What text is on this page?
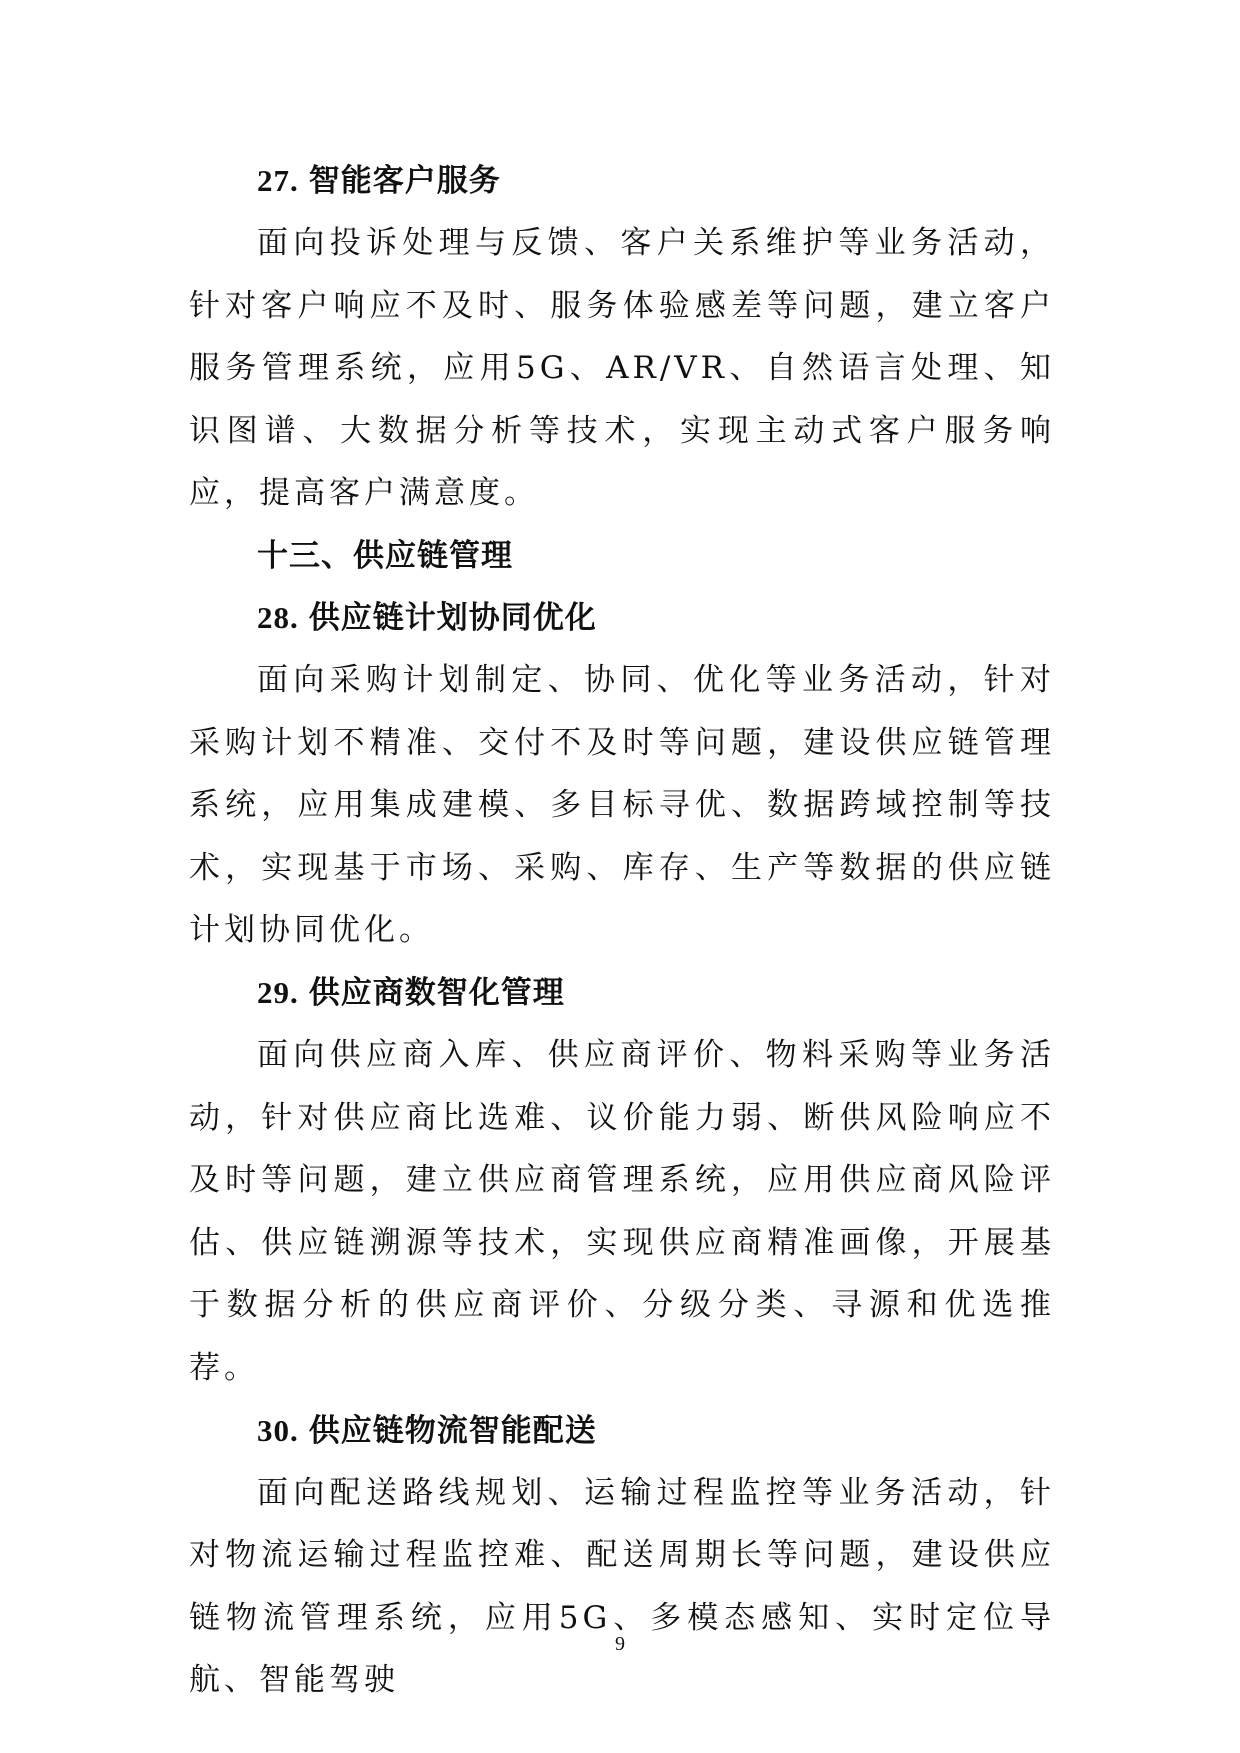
27. 智能客户服务

面向投诉处理与反馈、客户关系维护等业务活动，针对客户响应不及时、服务体验感差等问题，建立客户服务管理系统，应用5G、AR/VR、自然语言处理、知识图谱、大数据分析等技术，实现主动式客户服务响应，提高客户满意度。

十三、供应链管理
28. 供应链计划协同优化

面向采购计划制定、协同、优化等业务活动，针对采购计划不精准、交付不及时等问题，建设供应链管理系统，应用集成建模、多目标寻优、数据跨域控制等技术，实现基于市场、采购、库存、生产等数据的供应链计划协同优化。

29. 供应商数智化管理

面向供应商入库、供应商评价、物料采购等业务活动，针对供应商比选难、议价能力弱、断供风险响应不及时等问题，建立供应商管理系统，应用供应商风险评估、供应链溯源等技术，实现供应商精准画像，开展基于数据分析的供应商评价、分级分类、寻源和优选推荐。

30. 供应链物流智能配送

面向配送路线规划、运输过程监控等业务活动，针对物流运输过程监控难、配送周期长等问题，建设供应链物流管理系统，应用5G、多模态感知、实时定位导航、智能驾驶

9
